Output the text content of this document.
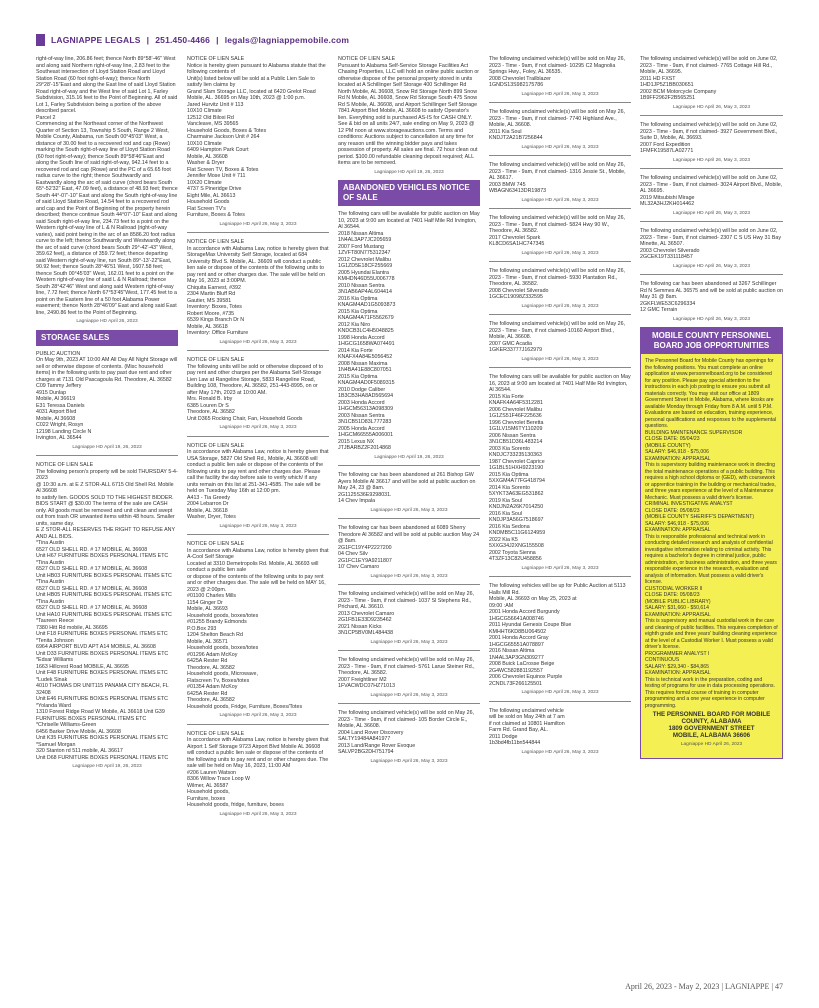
LAGNIAPPE LEGALS | 251.450-4466 | legals@lagniappemobile.com

right-of-way line, 206.86 feet; thence North 89°58'-46" West and along said Northern right-of-way line, 2.83 feet to the Southeast intersection of Lloyd Station Road and Lloyd Station Road (60 foot right-of-way); thence North 29°28'-15"East and along the East line of said Lloyd Station Road right-of-way and the West line of said Lot 1, Farley Subdivision, 315.16 feet to the Point of Beginning. All of said Lot 1, Farley Subdivision being a portion of the above described parcel.
Parcel 2
Commencing at the Northeast corner of the Northwest Quarter of Section 13, Township 5 South, Range 2 West, Mobile County, Alabama, run South 00°45'03" West, a distance of 30.00 feet to a recovered rod and cap (Rowe) marking the South right-of-way line of Lloyd Station Road (60 foot right-of-way); thence South 89°58'46"East and along the South line of said right-of-way, 942.14 feet to a recovered rod and cap (Rowe) and the PC of a 65.65 foot radius curve to the right; thence Southwardly and Eastwardly along the arc of said curve (chord bears South 65°-52'32" East, 47.09 feet), a distance of 48.93 feet; thence South 44°-07'-10" East and along the South right-of-way line of said Lloyd Station Road, 14.54 feet to a recovered rod and cap and the Point of Beginning of the property herein described; thence continue South 44°07'-10" East and along said South right-of-way line, 234.73 feet to a point on the Western right-of-way line of L & N Railroad (right-of-way varies), said point being in the arc of an 8586.20 foot radius curve to the left; thence Southwardly and Westwardly along the arc of said curve (chord bears South 29°-42'-43" West, 359.62 feet), a distance of 359.72 feet; thence departing said Western right-of-way line, run South 89°-13'-22"East, 90.92 feet; thence South 28°46'51 West, 1607.58 feet; thence South 00°45'03" West, 162.01 feet to a point on the Western right-of-way line of said L & N Railroad; thence South 28°42'46" West and along said Western right-of-way line, 7.72 feet; thence North 67°53'45"West, 177.45 feet to a point on the Eastern line of a 50 foot Alabama Power easement; thence North 28°46'09" East and along said East line, 2490.86 feet to the Point of Beginning.

Lagniappe HD April 26, 2023
STORAGE SALES

PUBLIC AUCTION
On May 9th, 2023 AT 10:00 AM All Day All Night Storage will sell or otherwise dispose of contents. (Misc household items) in the following units to pay past due rent and other charges at 7131 Old Pascagoula Rd. Theodore, AL 36582
C09 Tammy Jeffery
4915 Dunlap
Mobile, Al 36619
E31 Teressa Daniels
4031 Airport Blvd
Mobile, Al 36608
C022 Wright, Rosyn
12198 Landing Circle N
Irvington, AL 36544

Lagniappe HD April 19, 26, 2023

NOTICE OF LIEN SALE
The following person's property will be sold THURSDAY 5-4-2023
@ 10:30 a.m. at E Z STOR-ALL 6715 Old Shell Rd. Mobile Al 36608
to satisfy lien. GOODS SOLD TO THE HIGHEST BIDDER. BIDS START @ $30.00 The terms of the sale are CASH only. All goods must be removed and unit clean and swept out from trash OR unwanted items within 48 hours. Smaller units, same day.
E Z STOR-ALL RESERVES THE RIGHT TO REFUSE ANY AND ALL BIDS.
*Tina Austin
6527 OLD SHELL RD. # 17 MOBILE, AL 36608
Unit H67 FURNITURE BOXES PERSONAL ITEMS ETC
*Tina Austin
6527 OLD SHELL RD. # 17 MOBILE, AL 36608
Unit HB03 FURNITURE BOXES PERSONAL ITEMS ETC
*Tina Austin
6527 OLD SHELL RD. # 17 MOBILE, AL 36608
Unit HB05 FURNITURE BOXES PERSONAL ITEMS ETC
*Tina Austin
6527 OLD SHELL RD. # 17 MOBILE, AL 36608
Unit HA10 FURNITURE BOXES PERSONAL ITEMS ETC
*Taureen Reece
7380 Hitt Rd mobile, AL 36695
Unit F18 FURNITURE BOXES PERSONAL ITEMS ETC
*Tenita Johnson
6964 AIRPORT BLVD APT A14 MOBILE, AL 36608
Unit D33 FURNITURE BOXES PERSONAL ITEMS ETC
*Edsar Williams
1663 Hillcrest Road MOBILE, AL 36695
Unit F48 FURNITURE BOXES PERSONAL ITEMS ETC
*Ludek Sinak
4010 THOMAS DR UNIT115 PANAMA CITY BEACH, FL 32408
Unit E46 FURNITURE BOXES PERSONAL ITEMS ETC
*Yolanda Ward
1310 Forest Ridge Road W Mobile, AL 36618 Unit G39 FURNITURE BOXES PERSONAL ITEMS ETC
*Chriselle Williams-Green
6456 Barker Drive Mobile, AL 36608
Unit K35 FURNITURE BOXES PERSONAL ITEMS ETC
*Samuel Morgan
320 Stanton rd 511 mobile, AL 36617
Unit D68 FURNITURE BOXES PERSONAL ITEMS ETC

Lagniappe HD April 19, 26, 2023

NOTICE OF LIEN SALE
Notice is hereby given pursuant to Alabama statute that the following contents of
Unit(s) listed below will be sold at a Public Lien Sale to satisfy lien claims by
Grand Slam Storage LLC, located at 6420 Grelot Road Mobile, AL. 36695 on May 10th, 2023 @ 1:00 p.m.
Jared Hurvitz Unit # 113
10X10 Climate
12512 Old Biloxi Rd
Vancleave, MS 39565
Household Goods, Boxes & Totes
Charmaine Jackson Unit # 264
10X10 Climate
6409 Hampton Park Court
Mobile, AL 36608
Washer & Dryer
Flat Screen TV, Boxes & Totes
Jennifer Mose Unit # 711
10X20 Climate
4737 S Pineridge Drive
Eight Mile, AL 36613
Household Goods
Flat Screen TV's
Furniture, Boxes & Totes

Lagniappe HD April 26, May 3, 2023

NOTICE OF LIEN SALE
In accordance with Alabama Law, notice is hereby given that StorageMax University Self Storage, located at 684 University Blvd S. Mobile, AL. 36609 will conduct a public lien sale or dispose of the contents of the following units to pay rent and or other charges due. The sale will be held on May 16, 2023 at 3:00PM.
Chiquita Earnest, #392
2304 Martin Bluff Rd
Gautier, MS 39581
Inventory: Boxes, Totes
Robert Moore, #735
6539 Kings Branch Dr N
Mobile, AL 36618
Inventory: Office Furniture

Lagniappe HD April 26, May 3, 2023

NOTICE OF LIEN SALE
The following units will be sold or otherwise disposed of to pay rent and other charges per the Alabama Self-Storage Lien Law at Rangeline Storage, 5833 Rangeline Road, Building 108, Theodore, AL 36582, 251-443-8995, on or after May 17th, 2023 at 10:00 AM.
Mrs. Ronald B. Irby
6385 Louren Dr S
Theodore, AL 36582
Unit D365 Rocking Chair, Fan, Household Goods

Lagniappe HD April 26, May 3, 2023

NOTICE OF LIEN SALE
In accordance with Alabama Law, notice is hereby given that USA Storage, 5827 Old Shell Rd., Mobile, AL 36608 will conduct a public lien sale or dispose of the contents of the following units to pay rent and other charges due. Please call the facility the day before sale to verify which/ if any units remain on this list at 251-341-4585. The sale will be held on Tuesday May 16th at 12:00 pm.
A413 - Tia Greedy
2004 Lebarron Dr
Mobile, AL 36618
Washer, Dryer, Totes

Lagniappe HD April 26, May 3, 2023

NOTICE OF LIEN SALE
In accordance with Alabama Law, notice is hereby given that A-Cool Self Storage
Located at 3310 Demetropolis Rd. Mobile, AL 36693 will conduct a public lien sale
or dispose of the contents of the following units to pay rent and or other charges due. The sale will be held on MAY 16, 2023 @ 2:00pm.
#01100 Charles Mills
1154 Ginger Dr
Mobile, AL 36693
Household goods, boxes/totes
#01255 Brandy Edmonds
P.O.Box 293
1204 Shelton Beach Rd
Mobile, AL 36571
Household goods, boxes/totes
#01296 Adam McKoy
6425A Rester Rd
Theodore, AL 36582
Household goods, Microwave,
Flatscreen Tv, Boxes/totes
#01354 Adam McKoy
6425A Rester Rd
Theodore, AL 36582
Household goods, Fridge, Furniture, Boxes/Totes

Lagniappe HD April 26, May 3, 2023

NOTICE OF LIEN SALE
In accordance with Alabama Law, notice is hereby given that Airport 1 Self Storage 9723 Airport Blvd Mobile AL 36608 will conduct a public lien sale or dispose of the contents of the following units to pay rent and or other charges due. The sale will be held on May 16, 2023, 11:00 AM
#206 Lauren Watson
8306 Willow Trace Loop W
Wilmer, AL 36587
Household goods,
Furniture, boxes
Household goods, fridge, furniture, boxes

Lagniappe HD April 26, May 3, 2023

NOTICE OF LIEN SALE
Pursuant to Alabama Self-Service Storage Facilities Act Chasing Properties, LLC will hold an online public auction or otherwise dispose of the personal property stored in units located at A Schillinger Self Storage 400 Schillinger Rd North Mobile, AL 36608, Snow Rd Storage North 899 Snow Rd N Mobile, AL 36608, Snow Rd Storage South 475 Snow Rd S Mobile, AL 36608, and Airport Schillinger Self Storage 7841 Airport Blvd Mobile, AL 36608 to satisfy Operator's lien. Everything sold is purchased AS-IS for CASH ONLY. See & bid on all units 24/7, sale ending on May 9, 2023 @ 12 PM noon at www.storageauctions.com. Terms and conditions: Auctions subject to cancellation at any time for any reason until the winning bidder pays and takes possession of property. All sales are final. 72 hour clean out period. $100.00 refundable cleaning deposit required; ALL items are to be removed.

Lagniappe HD April 19, 26, 2023
ABANDONED VEHICLES NOTICE OF SALE

The following cars will be available for public auction on May 10, 2023 at 9:00 am located at 7401 Half Mile Rd Irvington, Al 36544.
2018 Nissan Altima
1N4AL3AP7JC205659
2007 Ford Mustang
1ZVFT80N775312347
2012 Chevrolet Malibu
1G1ZD5E18CF255669
2005 Hyundai Elantra
KMHDN46D55U006778
2010 Nissan Sentra
3N1AB6AP4AL604414
2016 Kia Optima
KNAGM4AD1G5093873
2015 Kia Optima
KNAGM4A71F5562679
2012 Kia Niro
KNDCB3LC4H5048825
1998 Honda Accord
1HGCG1658WA074491
2014 Kia Forte
KNAFX4A84E5056452
2008 Nissan Maxima
1N4BA41E88C807051
2015 Kia Optima
KNAGM4AD0F5089315
2010 Dodge Caliber
1B3CB3HA8AD565694
2003 Honda Accord
1HGCM56313A098309
2003 Nissan Sentra
3N1CB51D83L777283
2005 Honda Accord
1HGCM66555A006001
2015 Lexus NX
JTJBARBZ2F2014868

Lagniappe HD April 19, 26, 2023

The following car has been abandoned at 261 Bishop GW Ayers Mobile Al 36617 and will be sold at public auction on May 24, 23 @ 8am.
2G1125S36E9298031.
14 Chev Impala

Lagniappe HD April 26, May 3, 2023

The following car has been abandoned at 6089 Sherry Theodore Al 36582 and will be sold at public auction May 24 @ 8am.
2G1FC19Y4P2227200
04 Chev Silv
2G1FC1EY9A9211807
10' Chev Camaro

Lagniappe HD April 26, May 3, 2023

The following unclaimed vehicle(s) will be sold on May 26, 2023 - Time - 9am, if not claimed- 1037 Sl Stephens Rd., Prichard, AL 36610.
2013 Chevrolet Camaro
2G1FB1E33D9235462
2021 Nissan Kicks
3N1CP5BV0ML484438

Lagniappe HD April 26, May 3, 2023

The following unclaimed vehicle(s) will be sold on May 26, 2023 - Time - 9am, if not claimed- 5761 Larue Steiner Rd., Theodore, AL 36582.
2007 Freightliner M2
1FVACWDC07HZ71013

Lagniappe HD April 26, May 3, 2023

The following unclaimed vehicle(s) will be sold on May 26, 2023 - Time - 9am, if not claimed- 105 Border Circle E., Mobile, AL 36608.
2004 Land Rover Discovery
SALTY19484A841977
2013 Land/Range Rover Evoque
SALVP2BG2DH751794

Lagniappe HD April 26, May 3, 2023

The following unclaimed vehicle(s) will be sold on May 26, 2023 - Time - 9am, if not claimed- 10295 C2 Magnolia Springs Hwy., Foley, AL 36535.
2008 Chevrolet Trailblazer
1GNDS13S982175786

Lagniappe HD April 26, May 3, 2023

The following unclaimed vehicle(s) will be sold on May 26, 2023 - Time - 9am, if not claimed- 7740 Highland Ave., Mobile, AL 36608.
2011 Kia Soul
KNDJT2A21B7256844

Lagniappe HD April 26, May 3, 2023

The following unclaimed vehicle(s) will be sold on May 26, 2023 - Time - 9am, if not claimed- 1316 Jessie St., Mobile, AL 36617.
2003 BMW 745
WBAGN63413DR19873

Lagniappe HD April 26, May 3, 2023

The following unclaimed vehicle(s) will be sold on May 26, 2023 - Time - 9am, if not claimed- 5824 Hwy 90 W., Theodore, AL 36582.
2017 Chevrolet Spark
KL8CD6SA1HC747345

Lagniappe HD April 26, May 3, 2023

The following unclaimed vehicle(s) will be sold on May 26, 2023 - Time - 9am, if not claimed- 5930 Plantation Rd., Theodore, AL 36582.
2008 Chevrolet Silverado
1GCEC19098Z332595

Lagniappe HD April 26, May 3, 2023

The following unclaimed vehicle(s) will be sold on May 26, 2023 - Time - 9am, if not claimed-10160 Airport Blvd., Mobile, AL 36608.
2007 GMC Acadia
1GKER33777J162979

Lagniappe HD April 26, May 3, 2023

The following cars will be available for public auction on May 16, 2023 at 9:00 am located at 7401 Half Mile Rd Irvington, Al 36544.
2015 Kia Forte
KNAFK4A64F5312281
2006 Chevrolet Malibu
1G1ZS51F46F225636
1996 Chevrolet Beretta
1G1LV15M6TY110209
2006 Nissan Sentra
3N1CB51D36L483214
2003 Kia Sorento
KNDJC733235130363
1987 Chevrolet Caprice
1G1BL51HXH9223190
2015 Kia Optima
5XXGM4A77FG418794
2014 Kia Sorento
5XYKT3A63EG531862
2019 Kia Soul
KNDJN2A26K7014250
2016 Kia Soul
KNDJP3A56G7518697
2016 Kia Sedona
KNDMB5C11G6124959
2022 Kia K5
5XXG34J2XNG155508
2002 Toyota Sienna
4T3ZF13C82U458856

Lagniappe HD April 26, May 3, 2023

The following vehicles will be up for Public Auction at 5113 Halls Mill Rd.
Mobile, AL 36693 on May 25, 2023 at
09:00 :AM
2001 Honda Accord Burgundy
1HGCG56641A008746
2011 Hyundai Genesis Coupe Blue
KMHHT6KD8BU064502
2001 Honda Accord Gray
1HGCG65551A078897
2016 Nissan Altima
1N4AL3AP3GN309277
2008 Buick LaCrosse Beige
2G4WC582881192557
2006 Chevrolet Equinox Purple
2CNDL73F266125501

Lagniappe HD April 26, May 3, 2023

The following unclaimed vehicle
will be sold on May 24th at 7 am
if not claimed at 10801 Hamilton
Farm Rd. Grand Bay, AL.
2011 Dodge
1b3bd4fb11bn544844

Lagniappe HD April 26, May 3, 2023

The following unclaimed vehicle(s) will be sold on June 02, 2023 - Time - 9am, if not claimed- 7765 Cottage Hill Rd., Mobile, AL 36695.
2011 HD FXST
1HD1JP5Z1BB030651
2002 BCM Motorcycle Company
1B9FF2962F2B565251

Lagniappe HD April 26, May 3, 2023

The following unclaimed vehicle(s) will be sold on June 02, 2023 - Time - 9am, if not claimed- 3927 Government Blvd., Suite D, Mobile, AL 36693.
2007 Ford Expedition
1FMFK19587LA02771

Lagniappe HD April 26, May 3, 2023

The following unclaimed vehicle(s) will be sold on June 02, 2023 - Time - 9am, if not claimed- 3024 Airport Blvd., Mobile, AL 36695.
2019 Mitsubishi Mirage
ML32A3HJ2KH014462

Lagniappe HD April 26, May 3, 2023

The following unclaimed vehicle(s) will be sold on June 02, 2023 - Time - 9am, if not claimed- 2307 C S US Hwy 31 Bay Minette, AL 36507.
2003 Chevrolet Silverado
2GCEK19T331118457

Lagniappe HD April 26, May 3, 2023

The following car has been abandoned at 3267 Schillinger Rd N Semmes AL 36575 and will be sold at public auction on May 31 @ 8am.
2GKFLWE53C6296334
12 GMC Terrain

Lagniappe HD April 26, May 3, 2023
MOBILE COUNTY PERSONNEL BOARD JOB OPPORTUNITIES

The Personnel Board for Mobile County has openings for the following positions. You must complete an online application at www.personnelboard.org to be considered for any position. Please pay special attention to the instructions in each job posting to ensure you submit all materials correctly. You may visit our office at 1809 Government Street in Mobile, Alabama, where kiosks are available Monday through Friday from 8 A.M. until 5 P.M. Evaluations are based on education, training experience, personal qualifications and responses to the supplemental questions.
BUILDING MAINTENANCE SUPERVISOR
CLOSE DATE: 05/04/23
(MOBILE COUNTY)
SALARY: $46,918 - $75,006
EXAMINATION: APPRAISAL
This is supervisory building maintenance work in directing the total maintenance operations of a public building. This requires a high school diploma or (GED), with coursework or apprentice training in the building or mechanical trades, and three years experience at the level of a Maintenance Mechanic. Must possess a valid driver's license.
CRIMINAL INVESTIGATIVE ANALYST
CLOSE DATE: 05/08/23
(MOBILE COUNTY SHERIFF'S DEPARTMENT)
SALARY: $46,918 - $75,006
EXAMINATION: APPRAISAL
This is responsible professional and technical work in conducting detailed research and analysis of confidential investigative information relating to criminal activity. This requires a bachelor's degree in criminal justice, public administration, or business administration, and three years responsible experience in the research, evaluation and analysis of information. Must possess a valid driver's license.
CUSTODIAL WORKER II
CLOSE DATE: 05/08/23
(MOBILE PUBLIC LIBRARY)
SALARY: $31,660 - $50,614
EXAMINATION: APPRAISAL
This is supervisory and manual custodial work in the care and cleaning of public facilities. This requires completion of eighth grade and three years' building cleaning experience at the level of a Custodial Worker I. Must possess a valid driver's license.
PROGRAMMER ANALYST I
CONTINUOUS
SALARY: $29,340 - $84,865
EXAMINATION: APPRAISAL
This is technical work in the preparation, coding and testing of programs for use in data processing operations. This requires formal course of training in computer programming and a one year experience in computer programming.

THE PERSONNEL BOARD FOR MOBILE COUNTY, ALABAMA
1809 GOVERNMENT STREET
MOBILE, ALABAMA 36606

Lagniappe HD April 26, 2023
April 26, 2023 - May 2, 2023 | LAGNIAPPE | 47
